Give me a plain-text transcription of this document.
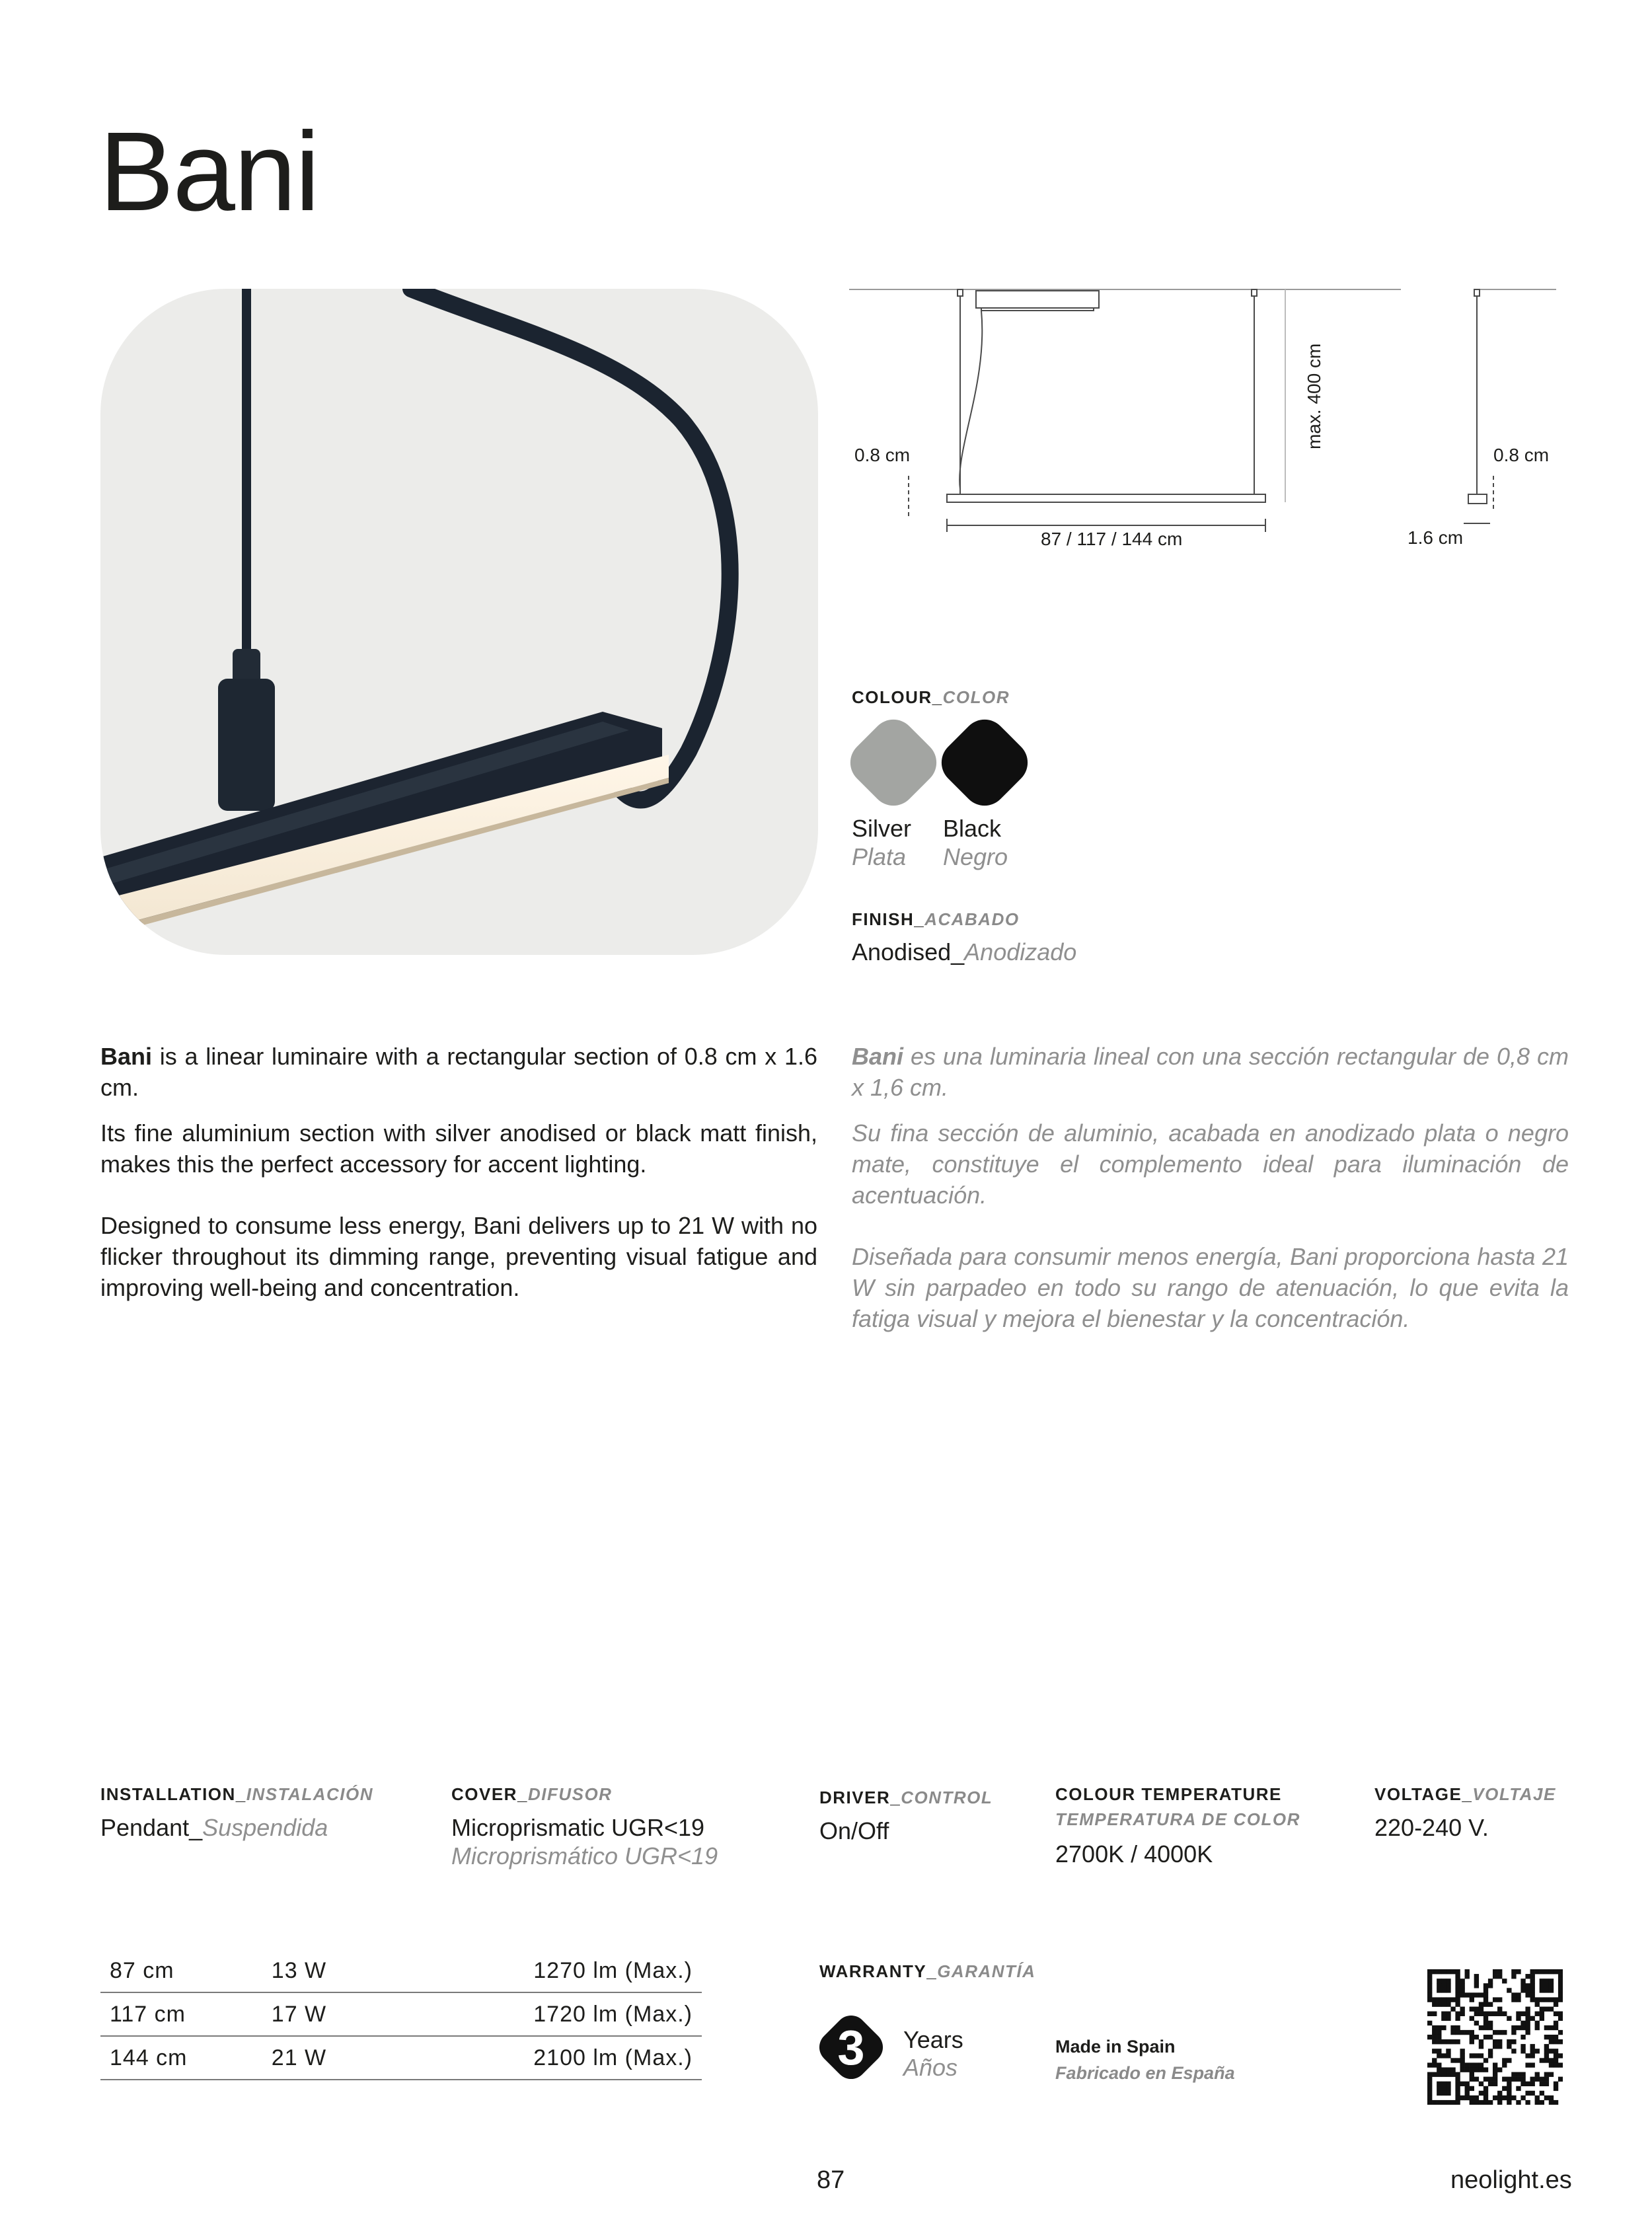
Bani
max. 400 cm
0.8 cm	0.8 cm
87 / 117 / 144 cm	1.6 cm
COLOUR_COLOR
Silver
Plata
Black
Negro
FINISH_ACABADO
Anodised_Anodizado

Bani is a linear luminaire with a rectangular section of 0.8 cm x 1.6 cm.

Its fine aluminium section with silver anodised or black matt finish, makes this the perfect accessory for accent lighting.

Designed to consume less energy, Bani delivers up to 21 W with no flicker throughout its dimming range, preventing visual fatigue and improving well-being and concentration.

Bani es una luminaria lineal con una sección rectangular de 0,8 cm x 1,6 cm.

Su fina sección de aluminio, acabada en anodizado plata o negro mate, constituye el complemento ideal para iluminación de acentuación.

Diseñada para consumir menos energía, Bani proporciona hasta 21 W sin parpadeo en todo su rango de atenuación, lo que evita la fatiga visual y mejora el bienestar y la concentración.

INSTALLATION_INSTALACIÓN
Pendant_Suspendida
COVER_DIFUSOR
Microprismatic UGR<19
Microprismático UGR<19
DRIVER_CONTROL
On/Off
COLOUR TEMPERATURE
TEMPERATURA DE COLOR
2700K / 4000K
VOLTAGE_VOLTAJE
220-240 V.
87 cm	13 W	1270 lm (Max.)
117 cm	17 W	1720 lm (Max.)
144 cm	21 W	2100 lm (Max.)
WARRANTY_GARANTÍA
3	Years
Años
Made in Spain
Fabricado en España
87	neolight.es
